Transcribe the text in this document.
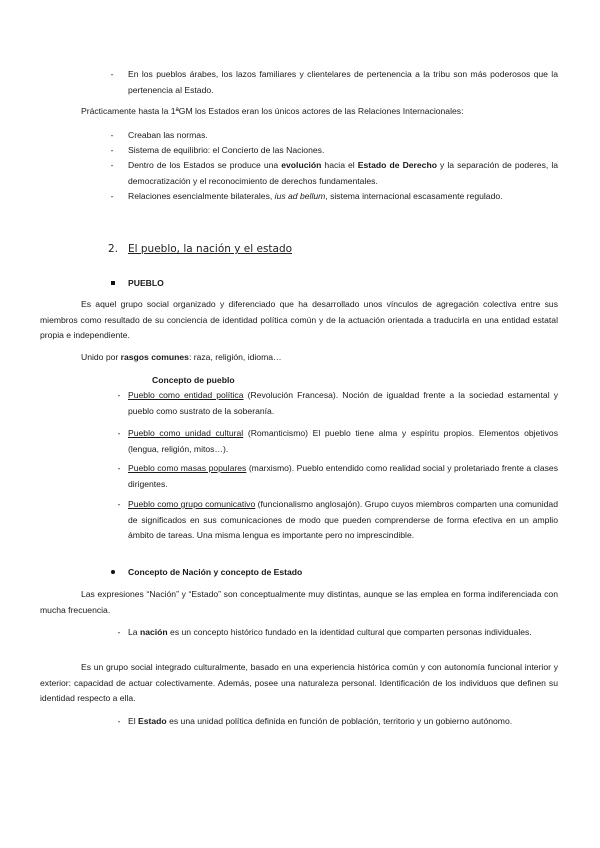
-	En los pueblos árabes, los lazos familiares y clientelares de pertenencia a la tribu son más poderosos que la pertenencia al Estado.
Prácticamente hasta la 1ªGM los Estados eran los únicos actores de las Relaciones Internacionales:
-	Creaban las normas.
-	Sistema de equilibrio: el Concierto de las Naciones.
-	Dentro de los Estados se produce una evolución hacia el Estado de Derecho y la separación de poderes, la democratización y el reconocimiento de derechos fundamentales.
-	Relaciones esencialmente bilaterales, ius ad bellum, sistema internacional escasamente regulado.
2. El pueblo, la nación y el estado
PUEBLO
Es aquel grupo social organizado y diferenciado que ha desarrollado unos vínculos de agregación colectiva entre sus miembros como resultado de su conciencia de identidad política común y de la actuación orientada a traducirla en una entidad estatal propia e independiente.
Unido por rasgos comunes: raza, religión, idioma…
Concepto de pueblo
- Pueblo como entidad política (Revolución Francesa). Noción de igualdad frente a la sociedad estamental y pueblo como sustrato de la soberanía.
- Pueblo como unidad cultural (Romanticismo) El pueblo tiene alma y espíritu propios. Elementos objetivos (lengua, religión, mitos…).
- Pueblo como masas populares (marxismo). Pueblo entendido como realidad social y proletariado frente a clases dirigentes.
- Pueblo como grupo comunicativo (funcionalismo anglosajón). Grupo cuyos miembros comparten una comunidad de significados en sus comunicaciones de modo que pueden comprenderse de forma efectiva en un amplio ámbito de tareas. Una misma lengua es importante pero no imprescindible.
Concepto de Nación y concepto de Estado
Las expresiones “Nación” y “Estado” son conceptualmente muy distintas, aunque se las emplea en forma indiferenciada con mucha frecuencia.
- La nación es un concepto histórico fundado en la identidad cultural que comparten personas individuales.
Es un grupo social integrado culturalmente, basado en una experiencia histórica común y con autonomía funcional interior y exterior: capacidad de actuar colectivamente. Además, posee una naturaleza personal. Identificación de los individuos que definen su identidad respecto a ella.
- El Estado es una unidad política definida en función de población, territorio y un gobierno autónomo.
